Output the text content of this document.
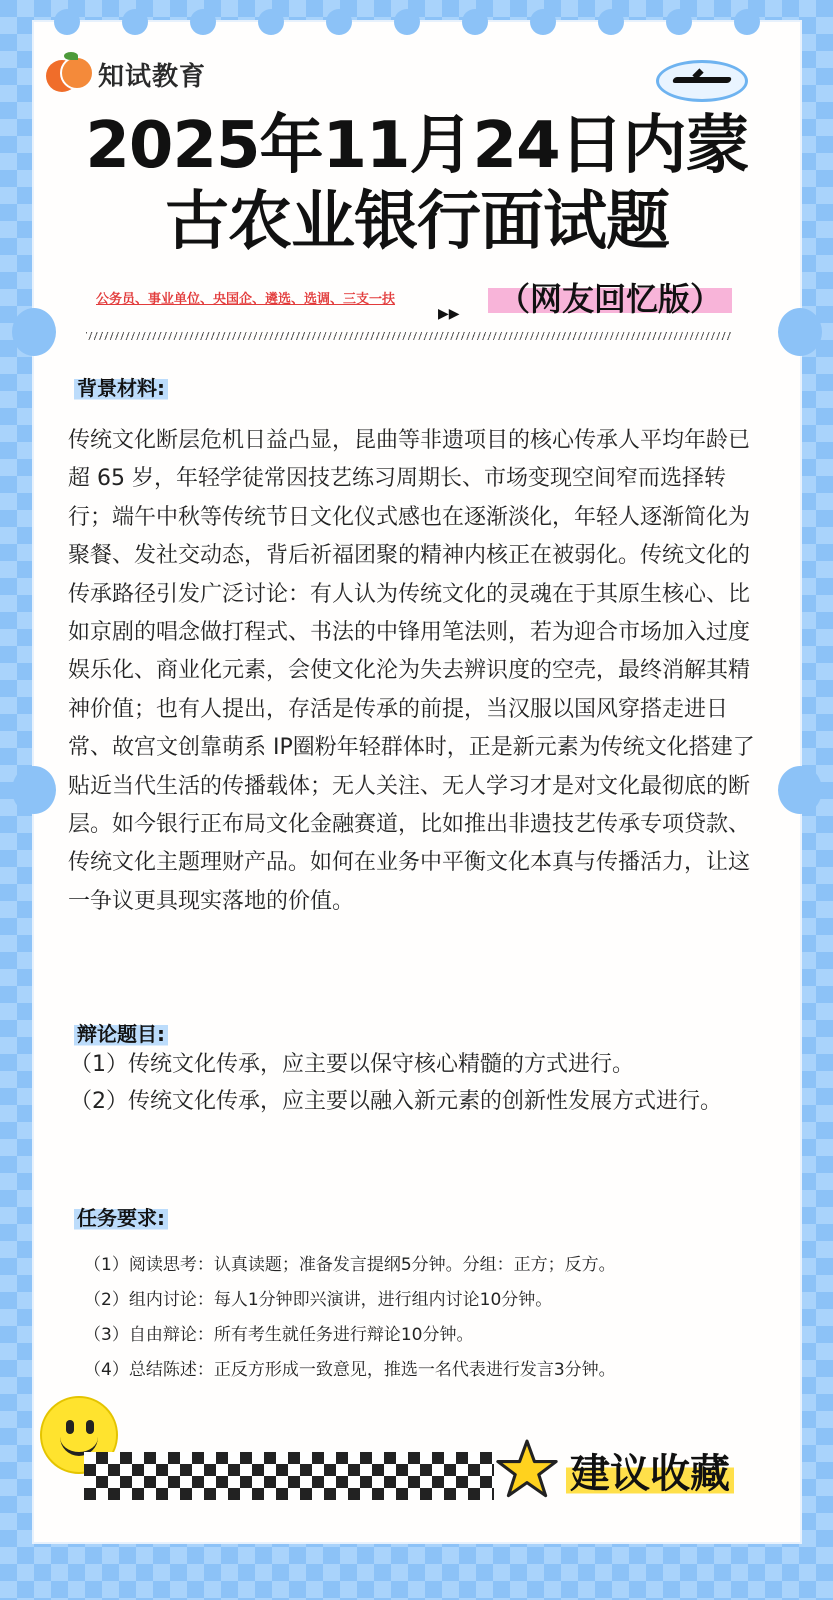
知试教育
2025年11月24日内蒙
古农业银行面试题
公务员、事业单位、央国企、遴选、选调、三支一扶
▶▶	（网友回忆版）
背景材料:
传统文化断层危机日益凸显，昆曲等非遗项目的核心传承人平均年龄已超 65 岁，年轻学徒常因技艺练习周期长、市场变现空间窄而选择转行；端午中秋等传统节日文化仪式感也在逐渐淡化，年轻人逐渐简化为聚餐、发社交动态，背后祈福团聚的精神内核正在被弱化。传统文化的传承路径引发广泛讨论：有人认为传统文化的灵魂在于其原生核心、比如京剧的唱念做打程式、书法的中锋用笔法则，若为迎合市场加入过度娱乐化、商业化元素，会使文化沦为失去辨识度的空壳，最终消解其精神价值；也有人提出，存活是传承的前提，当汉服以国风穿搭走进日常、故宫文创靠萌系 IP圈粉年轻群体时，正是新元素为传统文化搭建了贴近当代生活的传播载体；无人关注、无人学习才是对文化最彻底的断层。如今银行正布局文化金融赛道，比如推出非遗技艺传承专项贷款、传统文化主题理财产品。如何在业务中平衡文化本真与传播活力，让这一争议更具现实落地的价值。
辩论题目:

（1）传统文化传承，应主要以保守核心精髓的方式进行。

（2）传统文化传承，应主要以融入新元素的创新性发展方式进行。

任务要求:

（1）阅读思考：认真读题；准备发言提纲5分钟。分组：正方；反方。

（2）组内讨论：每人1分钟即兴演讲，进行组内讨论10分钟。

（3）自由辩论：所有考生就任务进行辩论10分钟。

（4）总结陈述：正反方形成一致意见，推选一名代表进行发言3分钟。

建议收藏
